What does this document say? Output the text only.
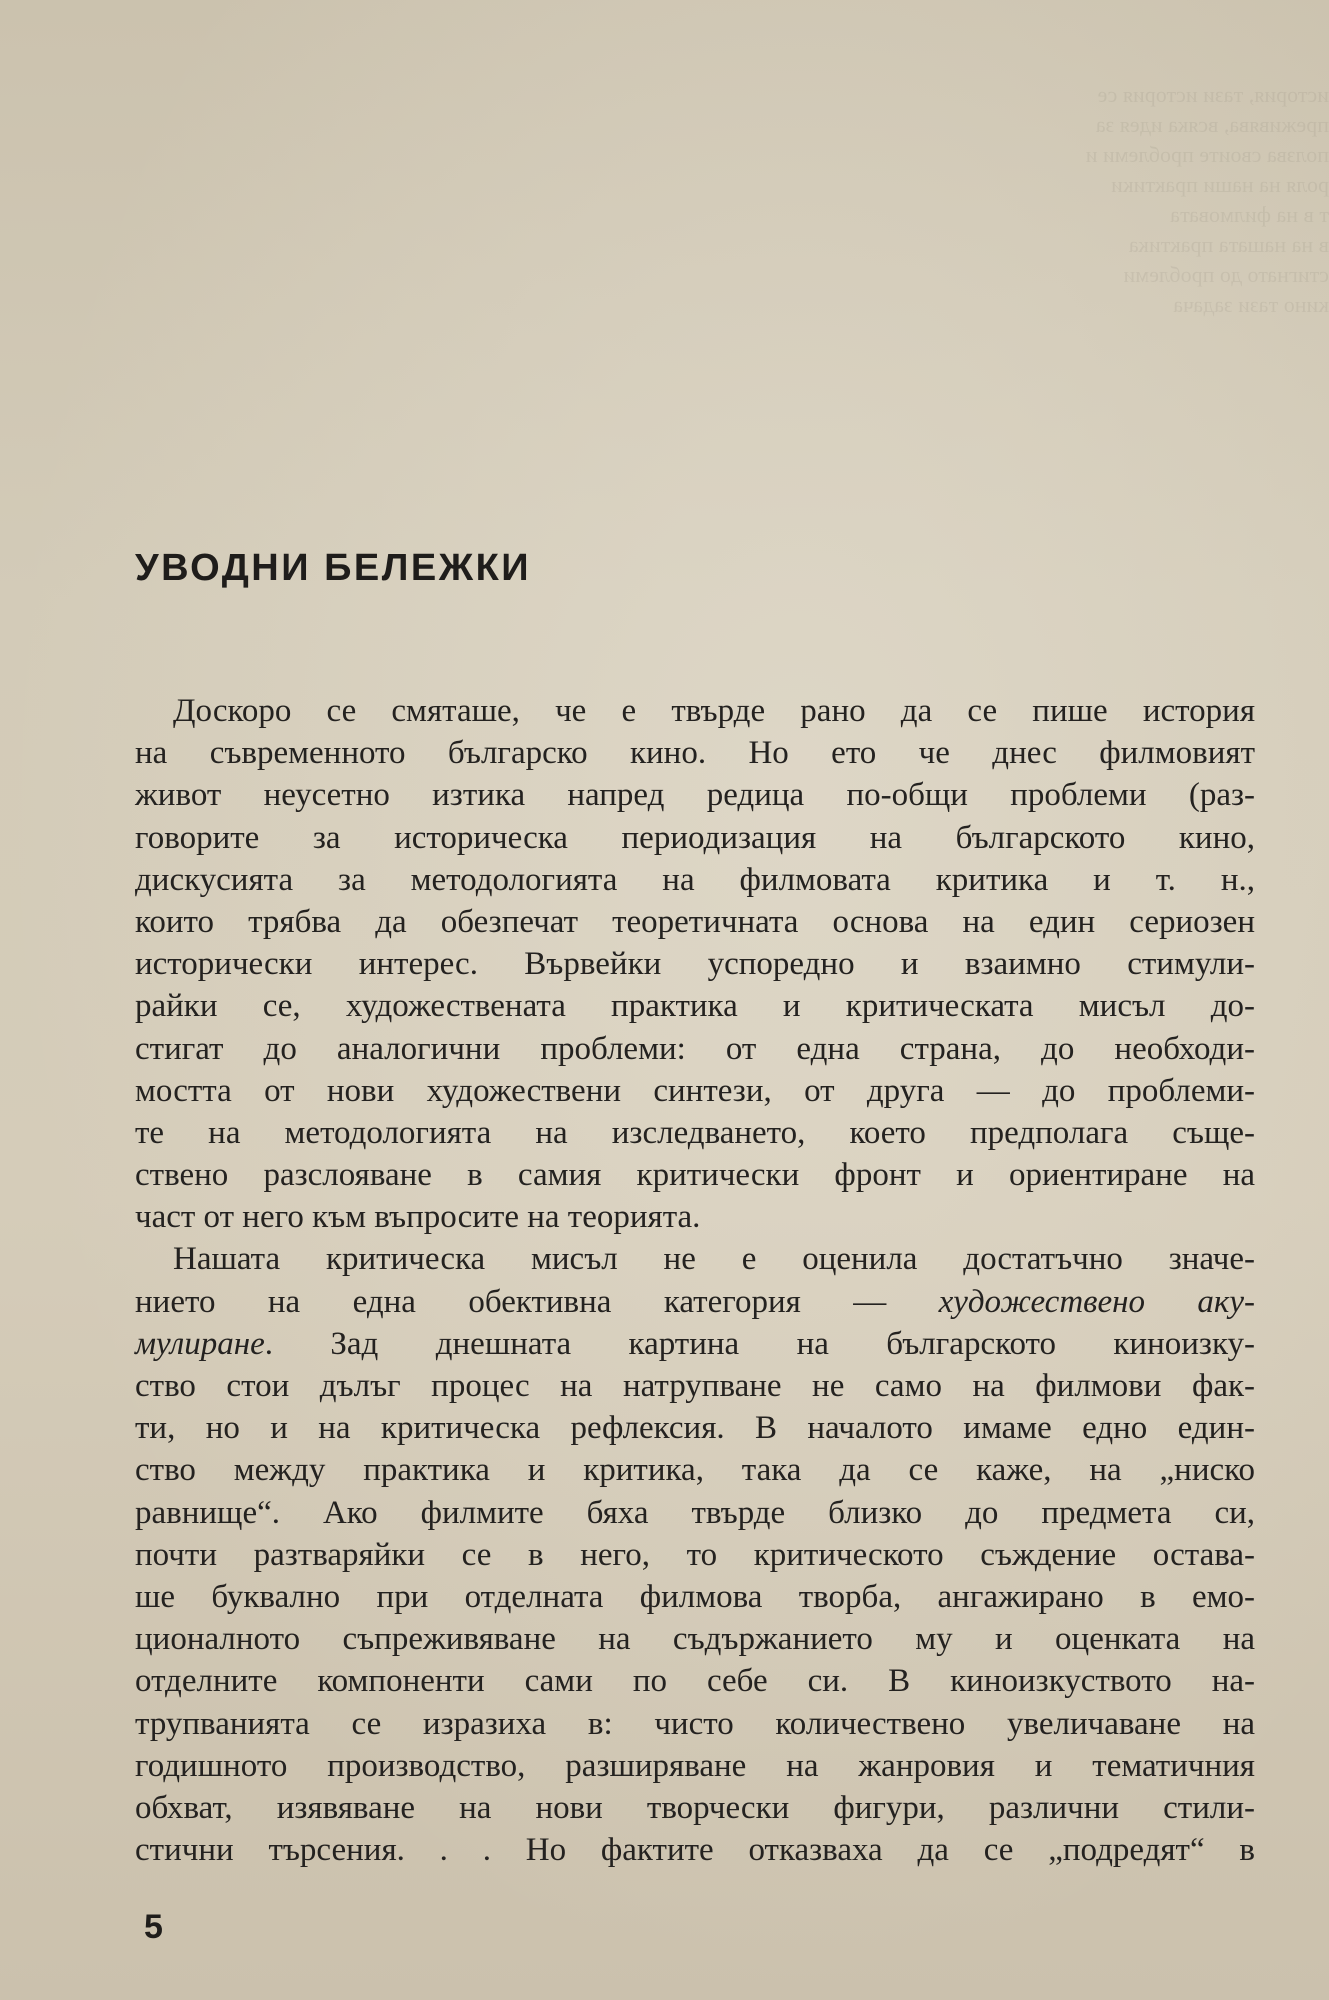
история, тази история се
преживява, всяка идея за
ползва своите проблеми и
роля на наши практики
т в на филмовата
в на нашата практика
стигнато до проблеми
кино тази задача
УВОДНИ БЕЛЕЖКИ
Доскоро се смяташе, че е твърде рано да се пише история
на съвременното българско кино. Но ето че днес филмовият
живот неусетно изтика напред редица по-общи проблеми (раз-
говорите за историческа периодизация на българското кино,
дискусията за методологията на филмовата критика и т. н.,
които трябва да обезпечат теоретичната основа на един сериозен
исторически интерес. Вървейки успоредно и взаимно стимули-
райки се, художествената практика и критическата мисъл до-
стигат до аналогични проблеми: от една страна, до необходи-
мостта от нови художествени синтези, от друга — до проблеми-
те на методологията на изследването, което предполага съще-
ствено разслояване в самия критически фронт и ориентиране на
част от него към въпросите на теорията.
Нашата критическа мисъл не е оценила достатъчно значе-
нието на една обективна категория — художествено аку-
мулиране. Зад днешната картина на българското киноизку-
ство стои дълъг процес на натрупване не само на филмови фак-
ти, но и на критическа рефлексия. В началото имаме едно един-
ство между практика и критика, така да се каже, на „ниско
равнище“. Ако филмите бяха твърде близко до предмета си,
почти разтваряйки се в него, то критическото съждение остава-
ше буквално при отделната филмова творба, ангажирано в емо-
ционалното съпреживяване на съдържанието му и оценката на
отделните компоненти сами по себе си. В киноизкуството на-
трупванията се изразиха в: чисто количествено увеличаване на
годишното производство, разширяване на жанровия и тематичния
обхват, изявяване на нови творчески фигури, различни стили-
стични търсения. . . Но фактите отказваха да се „подредят“ в
5
